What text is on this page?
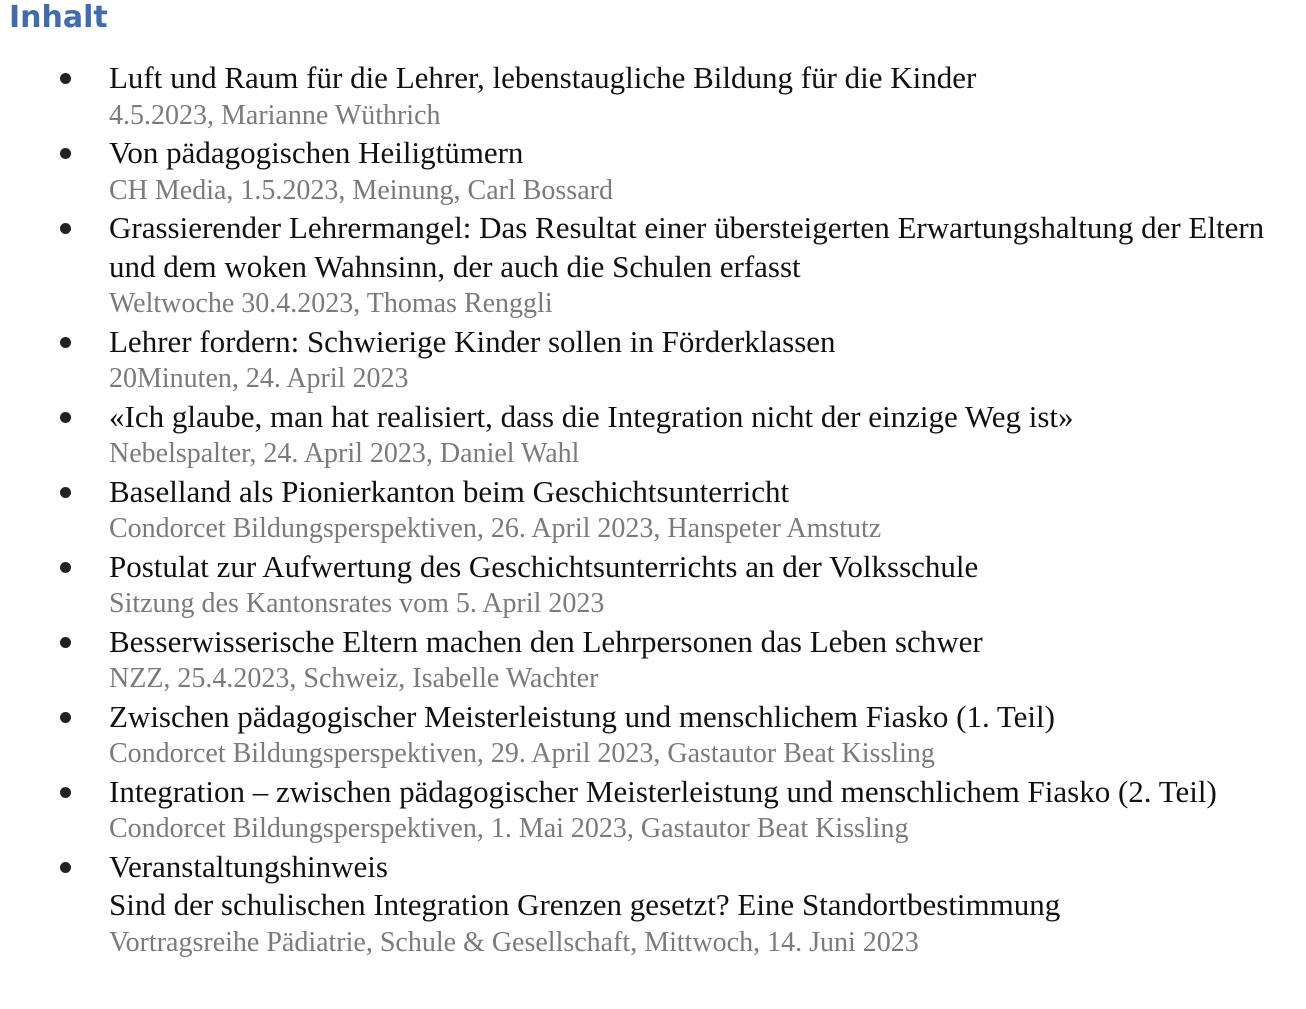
Inhalt
Luft und Raum für die Lehrer, lebenstaugliche Bildung für die Kinder
4.5.2023, Marianne Wüthrich
Von pädagogischen Heiligtümern
CH Media, 1.5.2023, Meinung, Carl Bossard
Grassierender Lehrermangel: Das Resultat einer übersteigerten Erwartungshaltung der Eltern und dem woken Wahnsinn, der auch die Schulen erfasst
Weltwoche 30.4.2023, Thomas Renggli
Lehrer fordern: Schwierige Kinder sollen in Förderklassen
20Minuten, 24. April 2023
«Ich glaube, man hat realisiert, dass die Integration nicht der einzige Weg ist»
Nebelspalter, 24. April 2023, Daniel Wahl
Baselland als Pionierkanton beim Geschichtsunterricht
Condorcet Bildungsperspektiven, 26. April 2023, Hanspeter Amstutz
Postulat zur Aufwertung des Geschichtsunterrichts an der Volksschule
Sitzung des Kantonsrates vom 5. April 2023
Besserwisserische Eltern machen den Lehrpersonen das Leben schwer
NZZ, 25.4.2023, Schweiz, Isabelle Wachter
Zwischen pädagogischer Meisterleistung und menschlichem Fiasko (1. Teil)
Condorcet Bildungsperspektiven, 29. April 2023, Gastautor Beat Kissling
Integration – zwischen pädagogischer Meisterleistung und menschlichem Fiasko (2. Teil)
Condorcet Bildungsperspektiven, 1. Mai 2023, Gastautor Beat Kissling
Veranstaltungshinweis
Sind der schulischen Integration Grenzen gesetzt? Eine Standortbestimmung
Vortragsreihe Pädiatrie, Schule & Gesellschaft, Mittwoch, 14. Juni 2023
